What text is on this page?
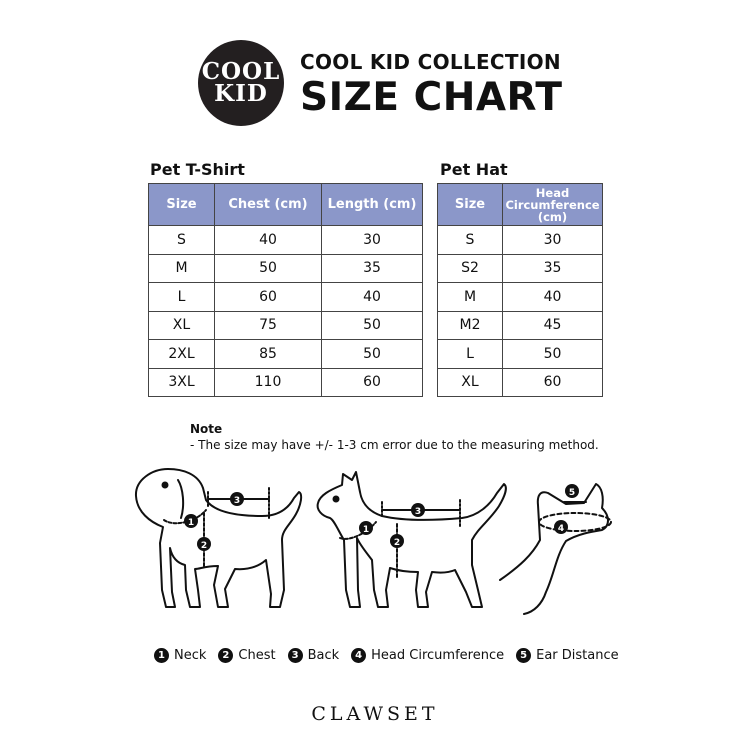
COOL
KID
COOL KID COLLECTION
SIZE CHART
Pet T-Shirt
Size	Chest (cm)	Length (cm)
S	40	30
M	50	35
L	60	40
XL	75	50
2XL	85	50
3XL	110	60
Pet Hat
Size	Head Circumference (cm)
S	30
S2	35
M	40
M2	45
L	50
XL	60
Note
- The size may have +/- 1-3 cm error due to the measuring method.
1
2
3
1
2
3
4
5
1 Neck	2 Chest	3 Back	4 Head Circumference	5 Ear Distance
CLAWSET
